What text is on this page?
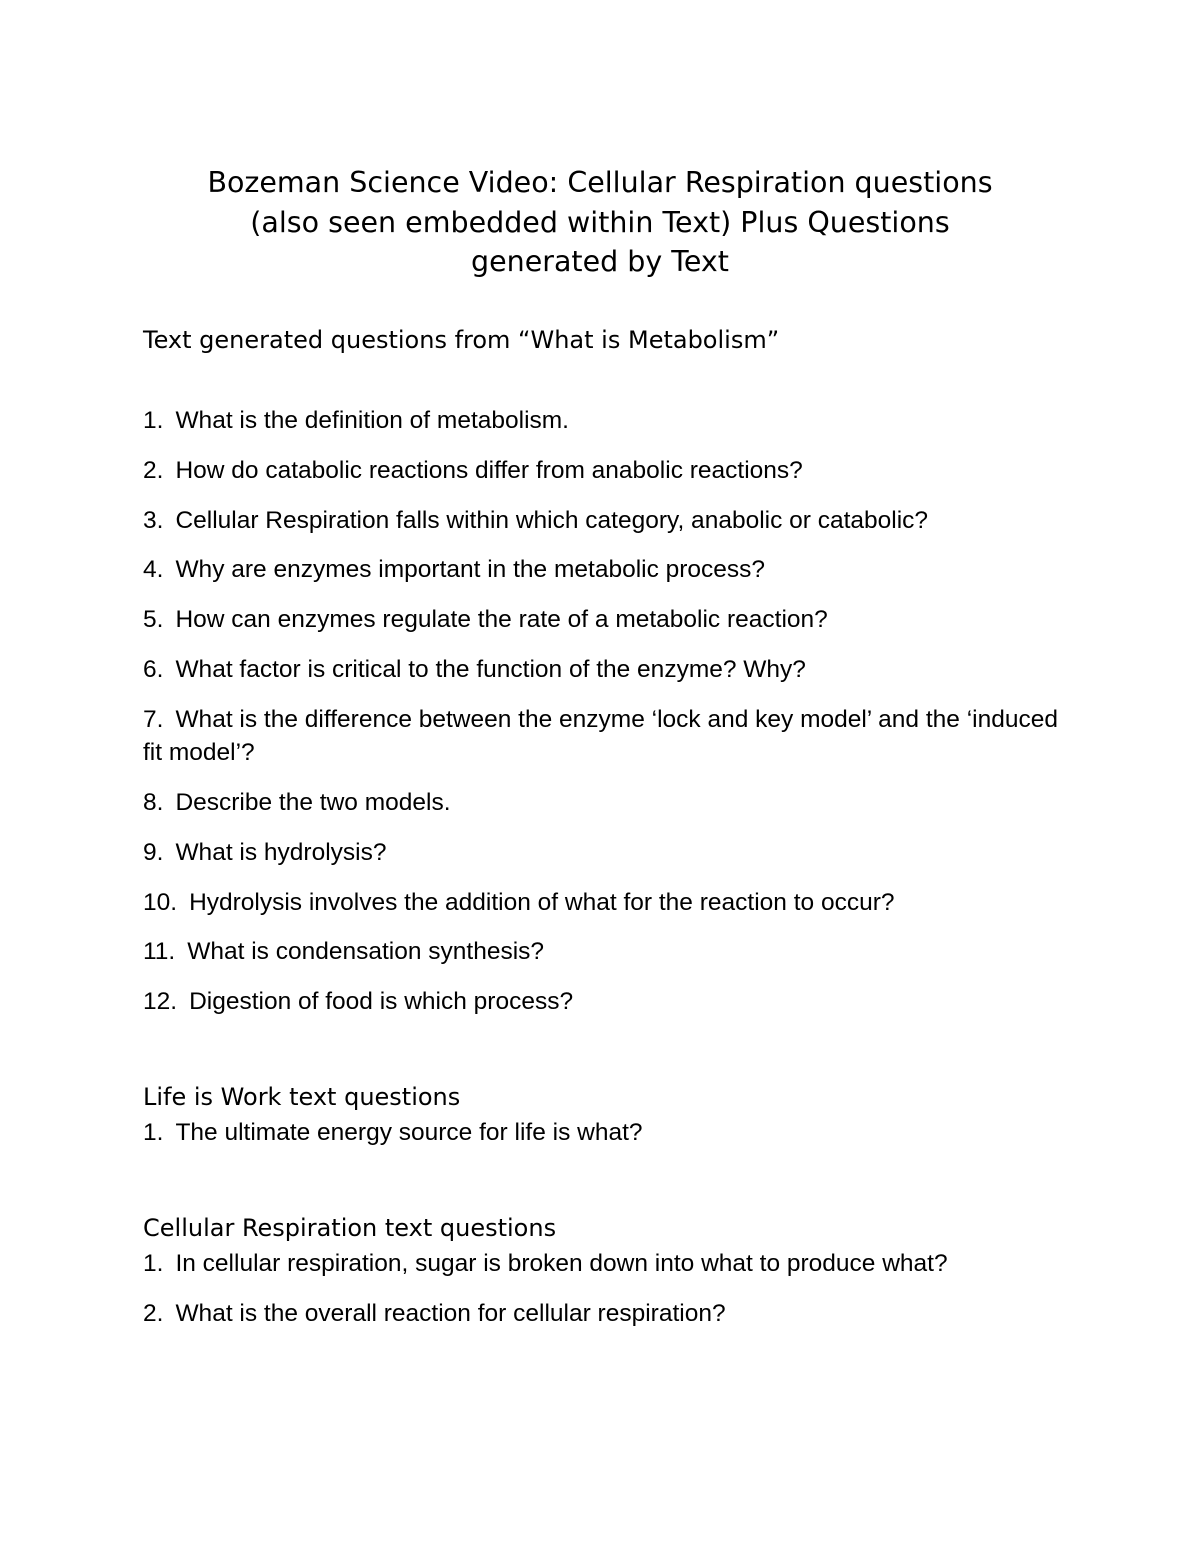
Bozeman Science Video: Cellular Respiration questions
(also seen embedded within Text) Plus Questions
generated by Text
Text generated questions from “What is Metabolism”
1. What is the definition of metabolism.
2. How do catabolic reactions differ from anabolic reactions?
3. Cellular Respiration falls within which category, anabolic or catabolic?
4. Why are enzymes important in the metabolic process?
5. How can enzymes regulate the rate of a metabolic reaction?
6. What factor is critical to the function of the enzyme? Why?
7. What is the difference between the enzyme ‘lock and key model’ and the ‘induced fit model’?
8. Describe the two models.
9. What is hydrolysis?
10. Hydrolysis involves the addition of what for the reaction to occur?
11. What is condensation synthesis?
12. Digestion of food is which process?
Life is Work text questions
1. The ultimate energy source for life is what?
Cellular Respiration text questions
1. In cellular respiration, sugar is broken down into what to produce what?
2. What is the overall reaction for cellular respiration?
